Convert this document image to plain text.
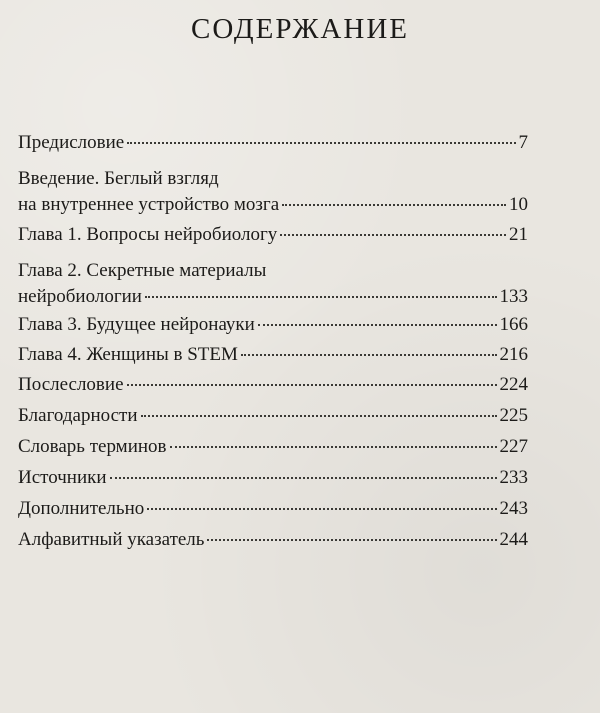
СОДЕРЖАНИЕ
Предисловие	7
Введение. Беглый взгляд
на внутреннее устройство мозга	10
Глава 1. Вопросы нейробиологу	21
Глава 2. Секретные материалы
нейробиологии	133
Глава 3. Будущее нейронауки	166
Глава 4. Женщины в STEM	216
Послесловие	224
Благодарности	225
Словарь терминов	227
Источники	233
Дополнительно	243
Алфавитный указатель	244
